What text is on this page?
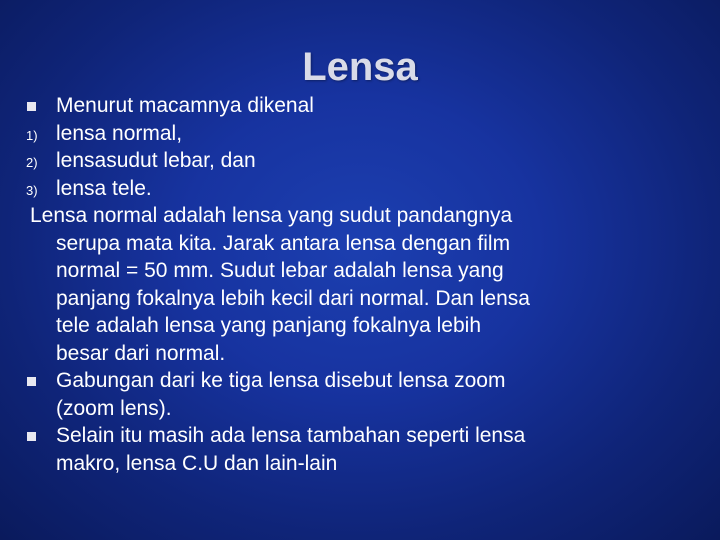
Lensa
Menurut macamnya dikenal
1) lensa normal,
2) lensasudut lebar, dan
3) lensa tele.
Lensa normal adalah lensa yang sudut pandangnya
serupa mata kita. Jarak antara lensa dengan film
normal = 50 mm. Sudut lebar adalah lensa yang
panjang fokalnya lebih kecil dari normal. Dan lensa
tele adalah lensa yang panjang fokalnya lebih
besar dari normal.
Gabungan dari ke tiga lensa disebut lensa zoom
(zoom lens).
Selain itu masih ada lensa tambahan seperti lensa
makro, lensa C.U dan lain-lain
